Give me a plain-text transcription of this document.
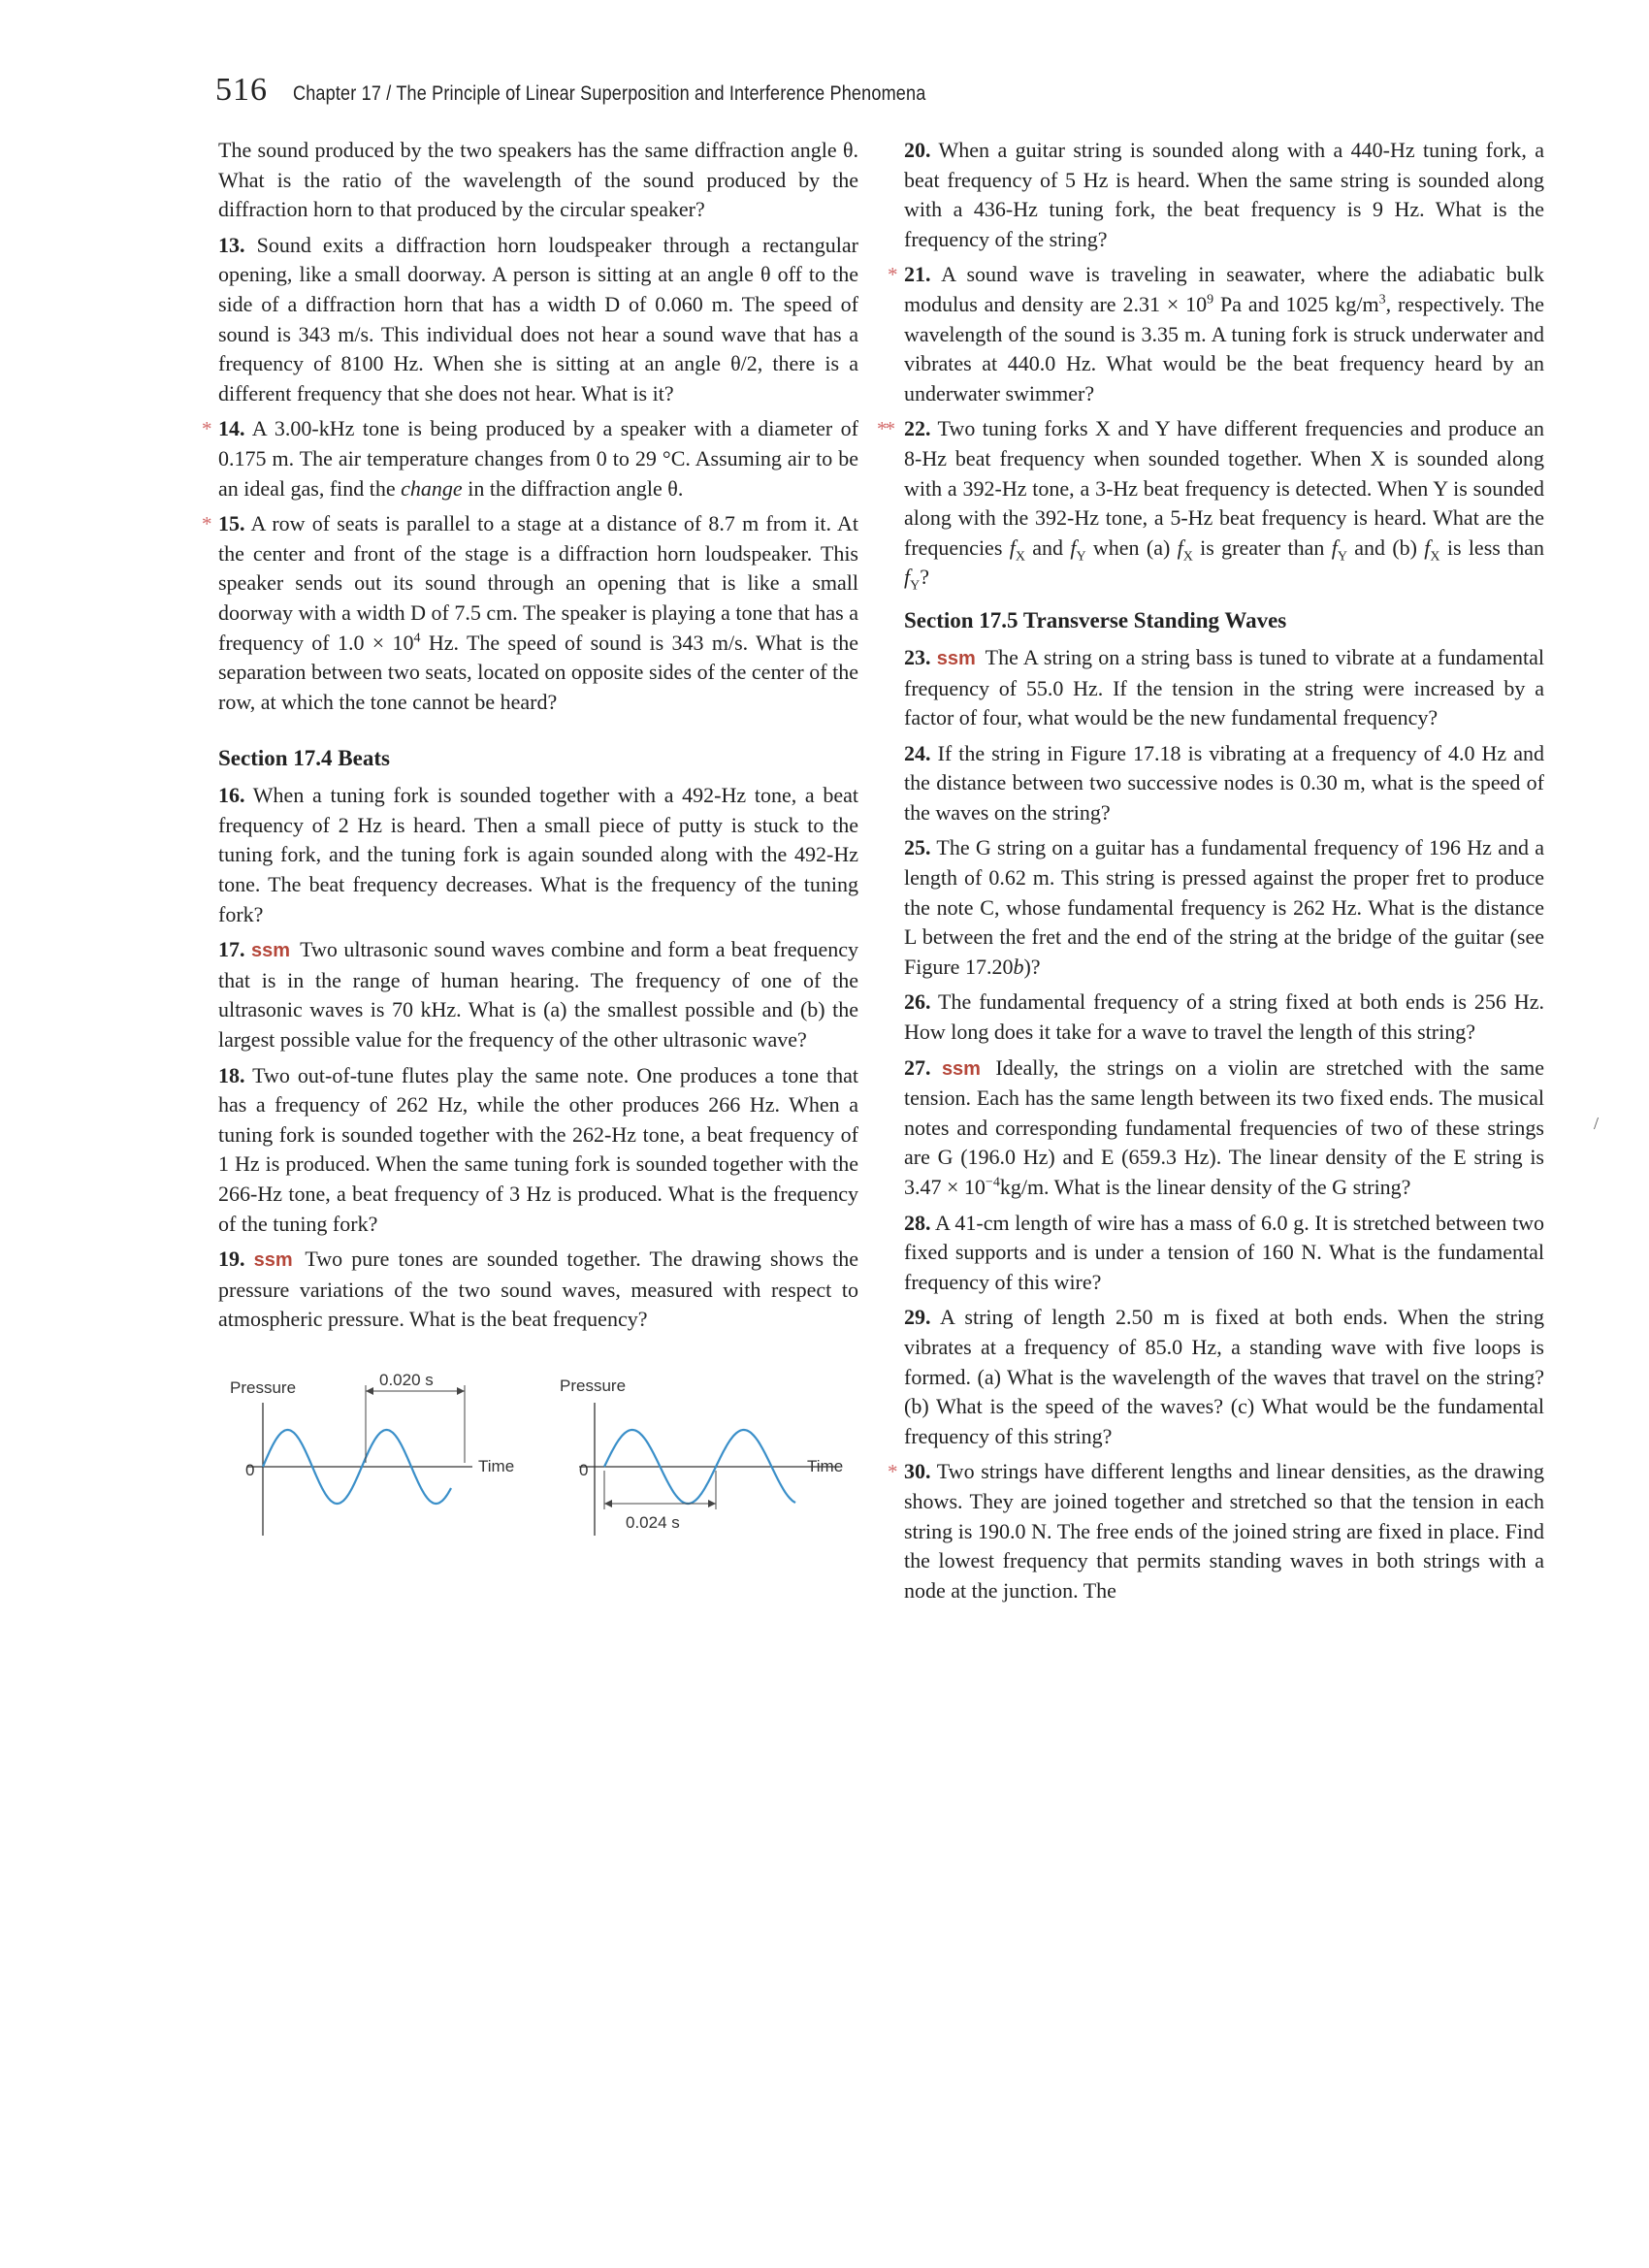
516 Chapter 17 / The Principle of Linear Superposition and Interference Phenomena

The sound produced by the two speakers has the same diffraction angle θ. What is the ratio of the wavelength of the sound produced by the diffraction horn to that produced by the circular speaker?

13. Sound exits a diffraction horn loudspeaker through a rectangular opening, like a small doorway. A person is sitting at an angle θ off to the side of a diffraction horn that has a width D of 0.060 m. The speed of sound is 343 m/s. This individual does not hear a sound wave that has a frequency of 8100 Hz. When she is sitting at an angle θ/2, there is a different frequency that she does not hear. What is it?

* 14. A 3.00-kHz tone is being produced by a speaker with a diameter of 0.175 m. The air temperature changes from 0 to 29 °C. Assuming air to be an ideal gas, find the change in the diffraction angle θ.

* 15. A row of seats is parallel to a stage at a distance of 8.7 m from it. At the center and front of the stage is a diffraction horn loudspeaker. This speaker sends out its sound through an opening that is like a small doorway with a width D of 7.5 cm. The speaker is playing a tone that has a frequency of $1.0 \times 10^4$ Hz. The speed of sound is 343 m/s. What is the separation between two seats, located on opposite sides of the center of the row, at which the tone cannot be heard?

Section 17.4 Beats

16. When a tuning fork is sounded together with a 492-Hz tone, a beat frequency of 2 Hz is heard. Then a small piece of putty is stuck to the tuning fork, and the tuning fork is again sounded along with the 492-Hz tone. The beat frequency decreases. What is the frequency of the tuning fork?

17. ssm Two ultrasonic sound waves combine and form a beat frequency that is in the range of human hearing. The frequency of one of the ultrasonic waves is 70 kHz. What is (a) the smallest possible and (b) the largest possible value for the frequency of the other ultrasonic wave?

18. Two out-of-tune flutes play the same note. One produces a tone that has a frequency of 262 Hz, while the other produces 266 Hz. When a tuning fork is sounded together with the 262-Hz tone, a beat frequency of 1 Hz is produced. When the same tuning fork is sounded together with the 266-Hz tone, a beat frequency of 3 Hz is produced. What is the frequency of the tuning fork?

19. ssm Two pure tones are sounded together. The drawing shows the pressure variations of the two sound waves, measured with respect to atmospheric pressure. What is the beat frequency?

Pressure
0	Time
0.020 s	Pressure
0	Time
0.024 s

20. When a guitar string is sounded along with a 440-Hz tuning fork, a beat frequency of 5 Hz is heard. When the same string is sounded along with a 436-Hz tuning fork, the beat frequency is 9 Hz. What is the frequency of the string?

* 21. A sound wave is traveling in seawater, where the adiabatic bulk modulus and density are $2.31 \times 10^9$ Pa and 1025 $kg/m^3$, respectively. The wavelength of the sound is 3.35 m. A tuning fork is struck underwater and vibrates at 440.0 Hz. What would be the beat frequency heard by an underwater swimmer?

** 22. Two tuning forks X and Y have different frequencies and produce an 8-Hz beat frequency when sounded together. When X is sounded along with a 392-Hz tone, a 3-Hz beat frequency is detected. When Y is sounded along with the 392-Hz tone, a 5-Hz beat frequency is heard. What are the frequencies $f_X$ and $f_Y$ when (a) $f_X$ is greater than $f_Y$ and (b) $f_X$ is less than $f_Y$?

Section 17.5 Transverse Standing Waves

23. ssm The A string on a string bass is tuned to vibrate at a fundamental frequency of 55.0 Hz. If the tension in the string were increased by a factor of four, what would be the new fundamental frequency?

24. If the string in Figure 17.18 is vibrating at a frequency of 4.0 Hz and the distance between two successive nodes is 0.30 m, what is the speed of the waves on the string?

25. The G string on a guitar has a fundamental frequency of 196 Hz and a length of 0.62 m. This string is pressed against the proper fret to produce the note C, whose fundamental frequency is 262 Hz. What is the distance L between the fret and the end of the string at the bridge of the guitar (see Figure 17.20b)?

26. The fundamental frequency of a string fixed at both ends is 256 Hz. How long does it take for a wave to travel the length of this string?

27. ssm Ideally, the strings on a violin are stretched with the same tension. Each has the same length between its two fixed ends. The musical notes and corresponding fundamental frequencies of two of these strings are G (196.0 Hz) and E (659.3 Hz). The linear density of the E string is $3.47 \times 10^{-4}kg/m$. What is the linear density of the G string?

28. A 41-cm length of wire has a mass of 6.0 g. It is stretched between two fixed supports and is under a tension of 160 N. What is the fundamental frequency of this wire?

29. A string of length 2.50 m is fixed at both ends. When the string vibrates at a frequency of 85.0 Hz, a standing wave with five loops is formed. (a) What is the wavelength of the waves that travel on the string? (b) What is the speed of the waves? (c) What would be the fundamental frequency of this string?

* 30. Two strings have different lengths and linear densities, as the drawing shows. They are joined together and stretched so that the tension in each string is 190.0 N. The free ends of the joined string are fixed in place. Find the lowest frequency that permits standing waves in both strings with a node at the junction. The

/
